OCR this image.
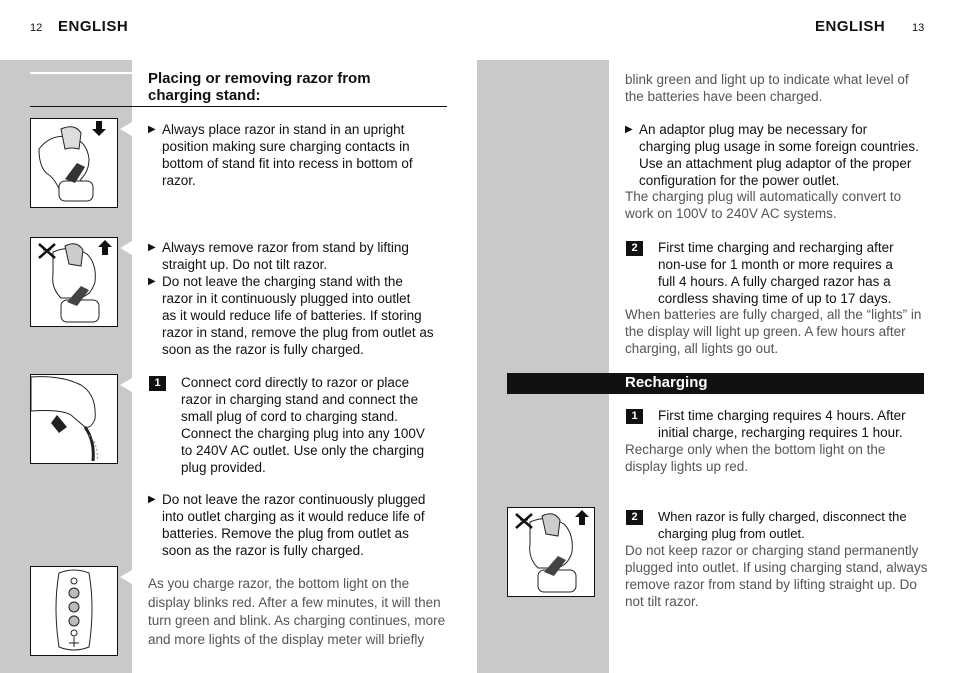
12 ENGLISH	ENGLISH 13
Placing or removing razor from
charging stand:
▶ Always place razor in stand in an upright
position making sure charging contacts in
bottom of stand fit into recess in bottom of
razor.
▶ Always remove razor from stand by lifting
straight up. Do not tilt razor.
▶ Do not leave the charging stand with the
razor in it continuously plugged into outlet
as it would reduce life of batteries. If storing
razor in stand, remove the plug from outlet as
soon as the razor is fully charged.
1	Connect cord directly to razor or place
razor in charging stand and connect the
small plug of cord to charging stand.
Connect the charging plug into any 100V
to 240V AC outlet. Use only the charging
plug provided.
▶ Do not leave the razor continuously plugged
into outlet charging as it would reduce life of
batteries. Remove the plug from outlet as
soon as the razor is fully charged.
As you charge razor, the bottom light on the
display blinks red. After a few minutes, it will then
turn green and blink. As charging continues, more
and more lights of the display meter will briefly
blink green and light up to indicate what level of
the batteries have been charged.
▶ An adaptor plug may be necessary for
charging plug usage in some foreign countries.
Use an attachment plug adaptor of the proper
configuration for the power outlet.
The charging plug will automatically convert to
work on 100V to 240V AC systems.
2	First time charging and recharging after
non-use for 1 month or more requires a
full 4 hours. A fully charged razor has a
cordless shaving time of up to 17 days.
When batteries are fully charged, all the “lights” in
the display will light up green. A few hours after
charging, all lights go out.
Recharging
1	First time charging requires 4 hours. After
initial charge, recharging requires 1 hour.
Recharge only when the bottom light on the
display lights up red.
2	When razor is fully charged, disconnect the
charging plug from outlet.
Do not keep razor or charging stand permanently
plugged into outlet. If using charging stand, always
remove razor from stand by lifting straight up. Do
not tilt razor.
